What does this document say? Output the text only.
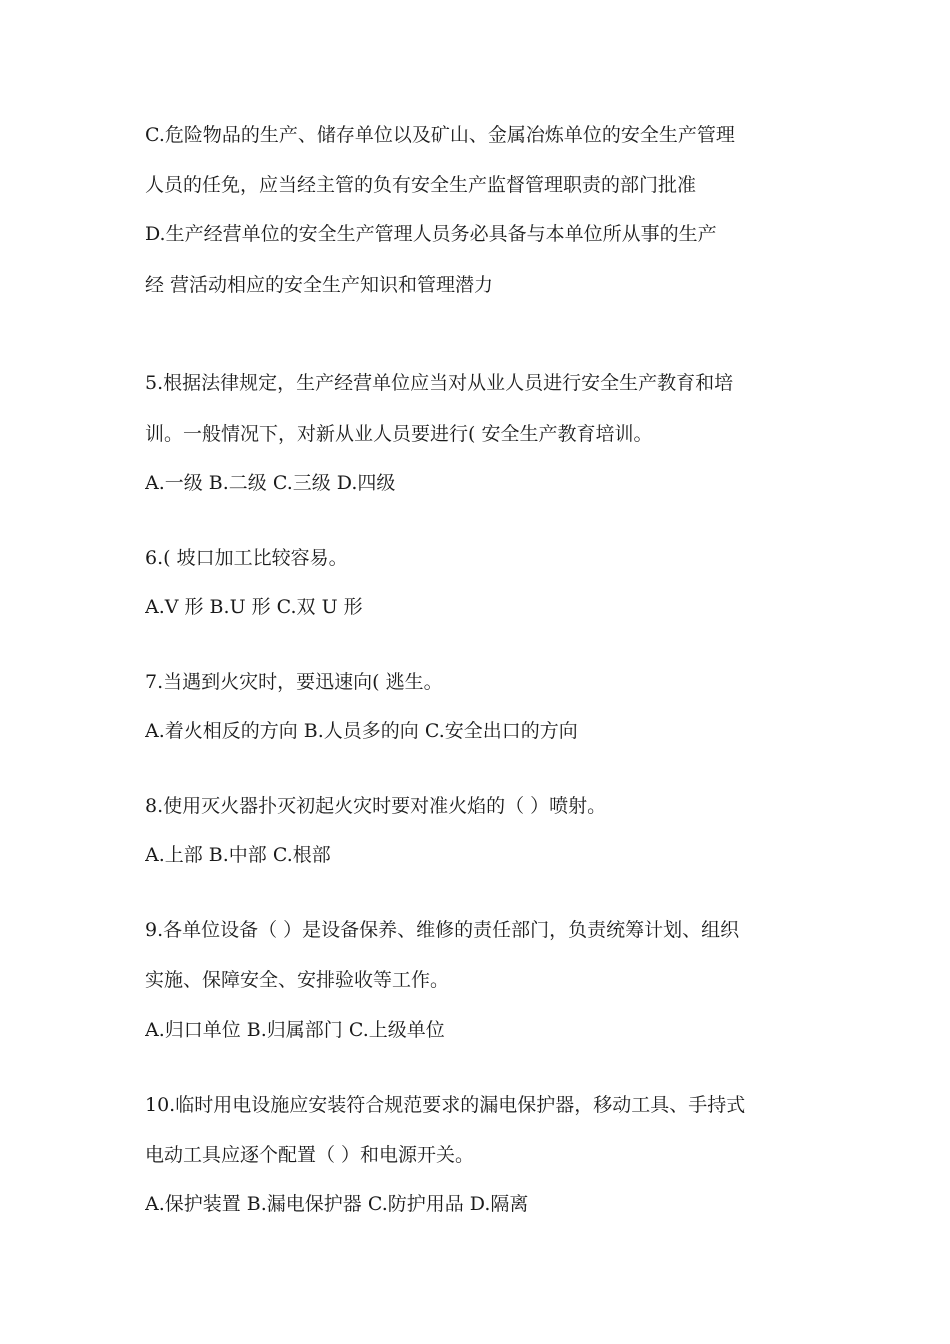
C.危险物品的生产、储存单位以及矿山、金属冶炼单位的安全生产管理
人员的任免，应当经主管的负有安全生产监督管理职责的部门批准
D.生产经营单位的安全生产管理人员务必具备与本单位所从事的生产
经 营活动相应的安全生产知识和管理潜力
5.根据法律规定，生产经营单位应当对从业人员进行安全生产教育和培
训。一般情况下，对新从业人员要进行( 安全生产教育培训。
A.一级 B.二级 C.三级 D.四级
6.( 坡口加工比较容易。
A.V 形 B.U 形 C.双 U 形
7.当遇到火灾时，要迅速向( 逃生。
A.着火相反的方向 B.人员多的向 C.安全出口的方向
8.使用灭火器扑灭初起火灾时要对准火焰的（ ）喷射。
A.上部 B.中部 C.根部
9.各单位设备（ ）是设备保养、维修的责任部门，负责统筹计划、组织
实施、保障安全、安排验收等工作。
A.归口单位 B.归属部门 C.上级单位
10.临时用电设施应安装符合规范要求的漏电保护器，移动工具、手持式
电动工具应逐个配置（ ）和电源开关。
A.保护装置 B.漏电保护器 C.防护用品 D.隔离
